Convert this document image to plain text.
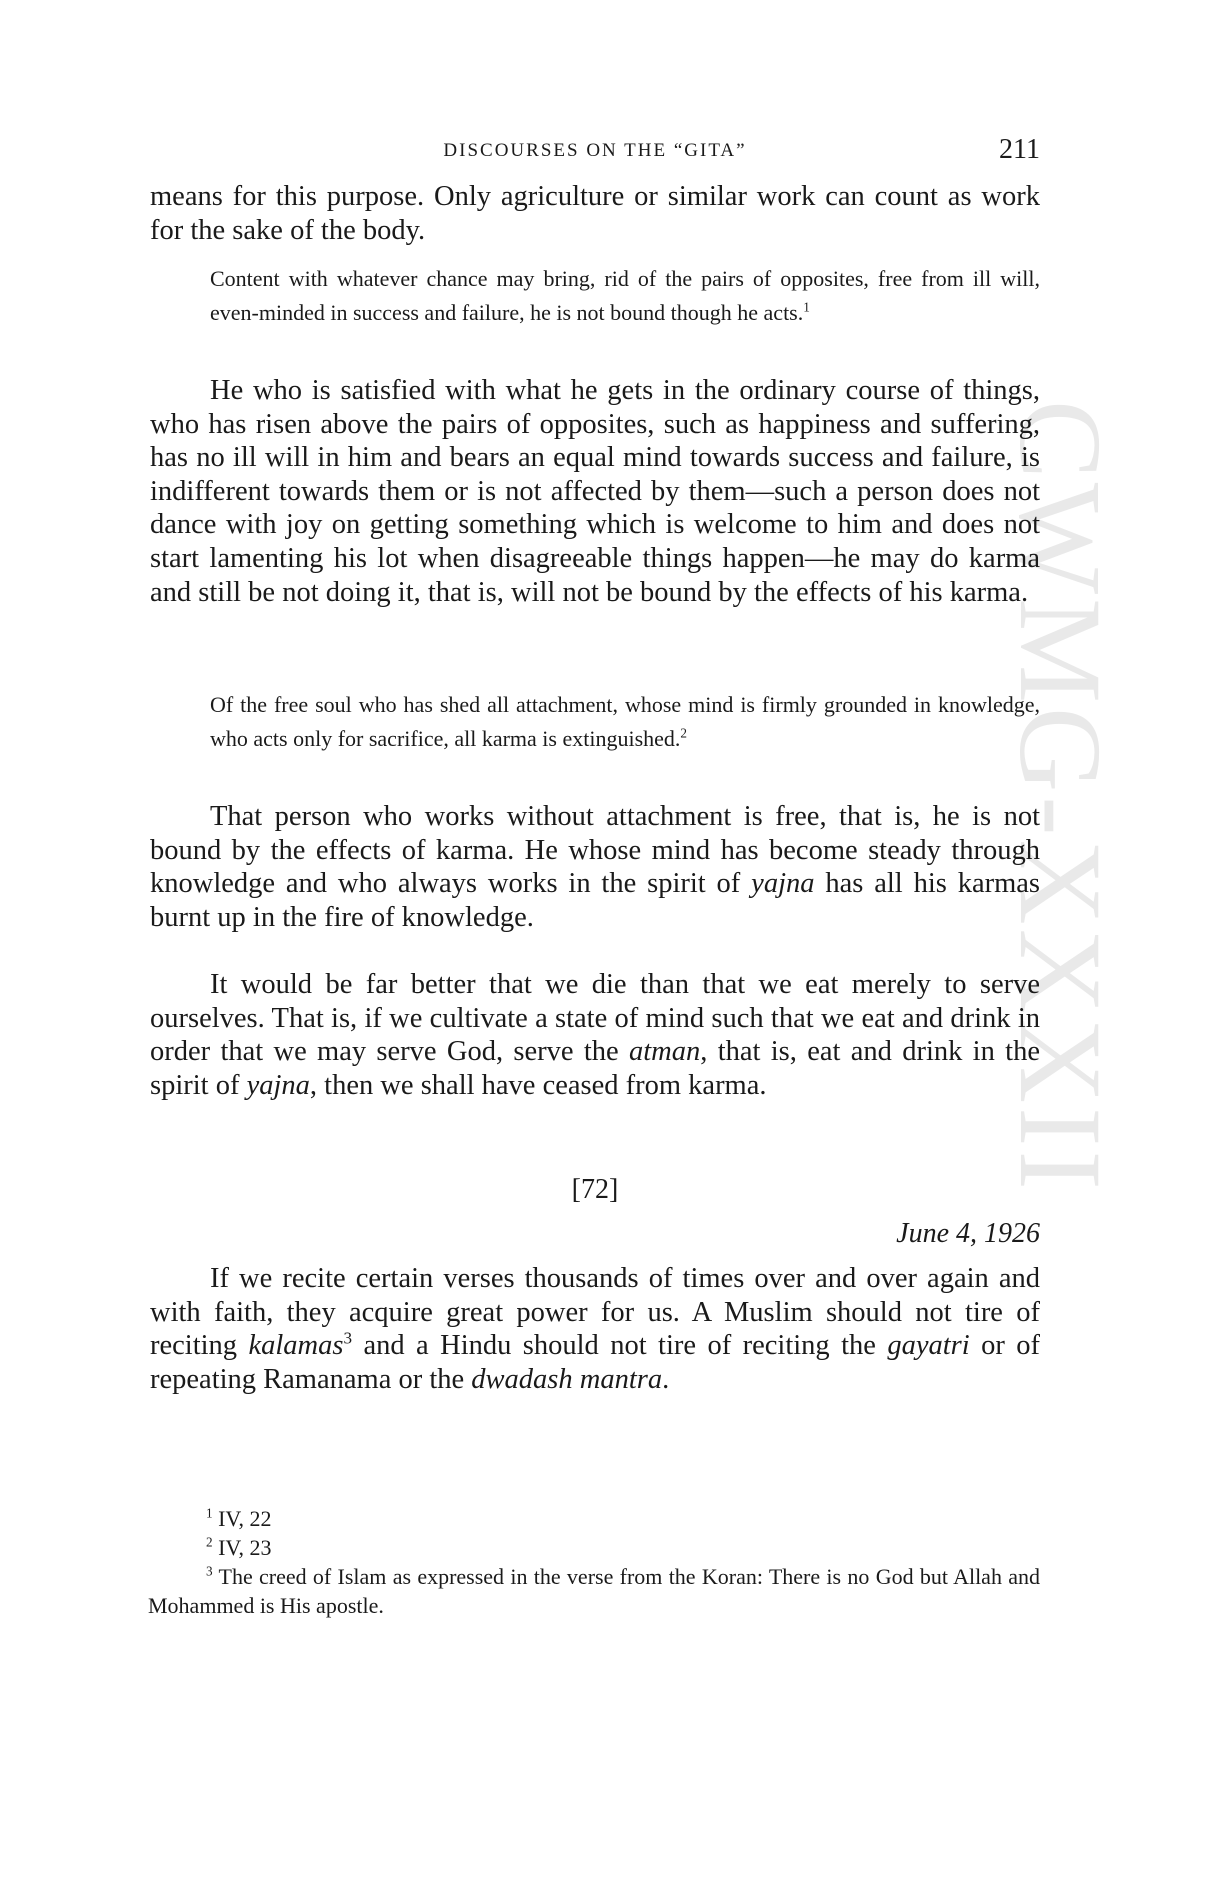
CWMG-XXXII
DISCOURSES ON THE “GITA”	211

means for this purpose. Only agriculture or similar work can count as work for the sake of the body.

Content with whatever chance may bring, rid of the pairs of opposites, free from ill will, even-minded in success and failure, he is not bound though he acts.$^1$

He who is satisfied with what he gets in the ordinary course of things, who has risen above the pairs of opposites, such as happiness and suffering, has no ill will in him and bears an equal mind towards success and failure, is indifferent towards them or is not affected by them—such a person does not dance with joy on getting something which is welcome to him and does not start lamenting his lot when disagreeable things happen—he may do karma and still be not doing it, that is, will not be bound by the effects of his karma.

Of the free soul who has shed all attachment, whose mind is firmly grounded in knowledge, who acts only for sacrifice, all karma is extinguished.$^2$

That person who works without attachment is free, that is, he is not bound by the effects of karma. He whose mind has become steady through knowledge and who always works in the spirit of yajna has all his karmas burnt up in the fire of knowledge.

It would be far better that we die than that we eat merely to serve ourselves. That is, if we cultivate a state of mind such that we eat and drink in order that we may serve God, serve the atman, that is, eat and drink in the spirit of yajna, then we shall have ceased from karma.

[72]
June 4, 1926

If we recite certain verses thousands of times over and over again and with faith, they acquire great power for us. A Muslim should not tire of reciting kalamas$^3$ and a Hindu should not tire of reciting the gayatri or of repeating Ramanama or the dwadash mantra.

$^1$ IV, 22

$^2$ IV, 23

$^3$ The creed of Islam as expressed in the verse from the Koran: There is no God but Allah and Mohammed is His apostle.
